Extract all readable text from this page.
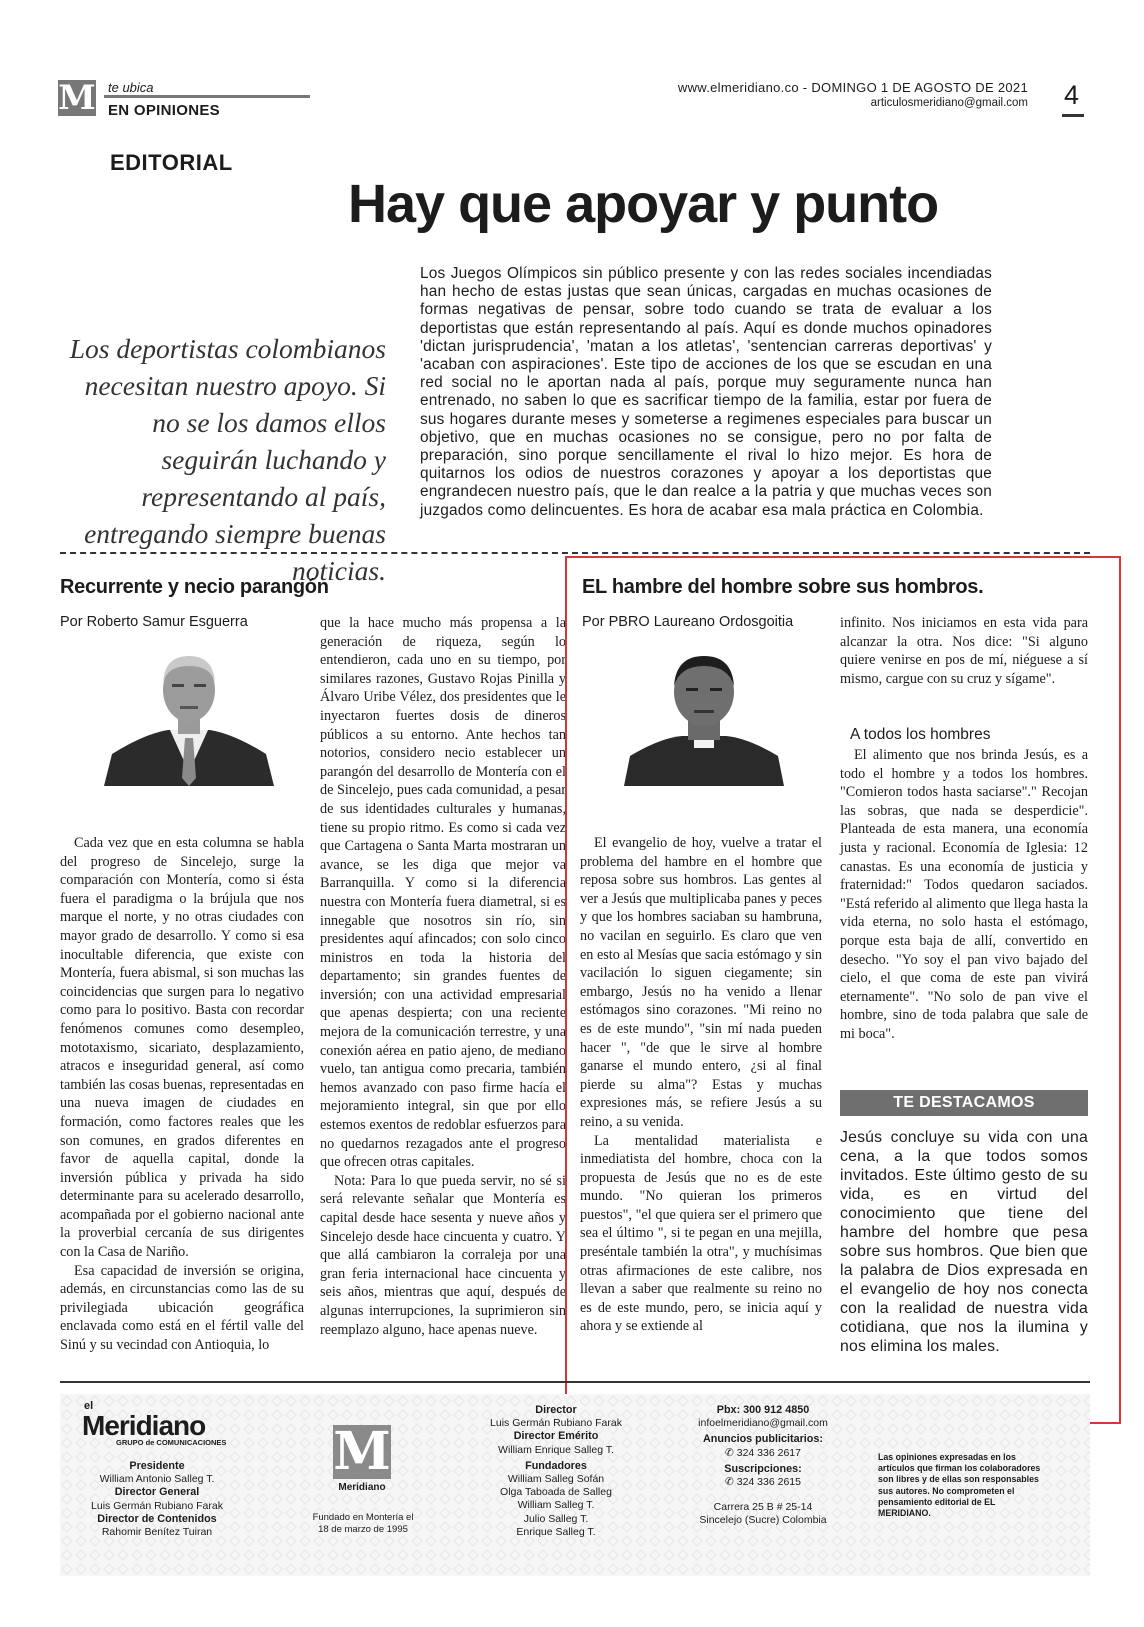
M te ubica
EN OPINIONES
www.elmeridiano.co - DOMINGO 1 DE AGOSTO DE 2021
articulosmeridiano@gmail.com 4
EDITORIAL
Hay que apoyar y punto
Los deportistas colombianos necesitan nuestro apoyo. Si no se los damos ellos seguirán luchando y representando al país, entregando siempre buenas noticias.
Los Juegos Olímpicos sin público presente y con las redes sociales incendiadas han hecho de estas justas que sean únicas, cargadas en muchas ocasiones de formas negativas de pensar, sobre todo cuando se trata de evaluar a los deportistas que están representando al país. Aquí es donde muchos opinadores 'dictan jurisprudencia', 'matan a los atletas', 'sentencian carreras deportivas' y 'acaban con aspiraciones'. Este tipo de acciones de los que se escudan en una red social no le aportan nada al país, porque muy seguramente nunca han entrenado, no saben lo que es sacrificar tiempo de la familia, estar por fuera de sus hogares durante meses y someterse a regimenes especiales para buscar un objetivo, que en muchas ocasiones no se consigue, pero no por falta de preparación, sino porque sencillamente el rival lo hizo mejor. Es hora de quitarnos los odios de nuestros corazones y apoyar a los deportistas que engrandecen nuestro país, que le dan realce a la patria y que muchas veces son juzgados como delincuentes. Es hora de acabar esa mala práctica en Colombia.
Recurrente y necio parangón
Por Roberto Samur Esguerra

Cada vez que en esta columna se habla del progreso de Sincelejo, surge la comparación con Montería, como si ésta fuera el paradigma o la brújula que nos marque el norte, y no otras ciudades con mayor grado de desarrollo. Y como si esa inocultable diferencia, que existe con Montería, fuera abismal, si son muchas las coincidencias que surgen para lo negativo como para lo positivo. Basta con recordar fenómenos comunes como desempleo, mototaxismo, sicariato, desplazamiento, atracos e inseguridad general, así como también las cosas buenas, representadas en una nueva imagen de ciudades en formación, como factores reales que les son comunes, en grados diferentes en favor de aquella capital, donde la inversión pública y privada ha sido determinante para su acelerado desarrollo, acompañada por el gobierno nacional ante la proverbial cercanía de sus dirigentes con la Casa de Nariño.

Esa capacidad de inversión se origina, además, en circunstancias como las de su privilegiada ubicación geográfica enclavada como está en el fértil valle del Sinú y su vecindad con Antioquia, lo

que la hace mucho más propensa a la generación de riqueza, según lo entendieron, cada uno en su tiempo, por similares razones, Gustavo Rojas Pinilla y Álvaro Uribe Vélez, dos presidentes que le inyectaron fuertes dosis de dineros públicos a su entorno. Ante hechos tan notorios, considero necio establecer un parangón del desarrollo de Montería con el de Sincelejo, pues cada comunidad, a pesar de sus identidades culturales y humanas, tiene su propio ritmo. Es como si cada vez que Cartagena o Santa Marta mostraran un avance, se les diga que mejor va Barranquilla. Y como si la diferencia nuestra con Montería fuera diametral, si es innegable que nosotros sin río, sin presidentes aquí afincados; con solo cinco ministros en toda la historia del departamento; sin grandes fuentes de inversión; con una actividad empresarial que apenas despierta; con una reciente mejora de la comunicación terrestre, y una conexión aérea en patio ajeno, de mediano vuelo, tan antigua como precaria, también hemos avanzado con paso firme hacía el mejoramiento integral, sin que por ello estemos exentos de redoblar esfuerzos para no quedarnos rezagados ante el progreso que ofrecen otras capitales.

Nota: Para lo que pueda servir, no sé si será relevante señalar que Montería es capital desde hace sesenta y nueve años y Sincelejo desde hace cincuenta y cuatro. Y que allá cambiaron la corraleja por una gran feria internacional hace cincuenta y seis años, mientras que aquí, después de algunas interrupciones, la suprimieron sin reemplazo alguno, hace apenas nueve.

EL hambre del hombre sobre sus hombros.
Por PBRO Laureano Ordosgoitia

El evangelio de hoy, vuelve a tratar el problema del hambre en el hombre que reposa sobre sus hombros. Las gentes al ver a Jesús que multiplicaba panes y peces y que los hombres saciaban su hambruna, no vacilan en seguirlo. Es claro que ven en esto al Mesías que sacia estómago y sin vacilación lo siguen ciegamente; sin embargo, Jesús no ha venido a llenar estómagos sino corazones. "Mi reino no es de este mundo", "sin mí nada pueden hacer ", "de que le sirve al hombre ganarse el mundo entero, ¿si al final pierde su alma"? Estas y muchas expresiones más, se refiere Jesús a su reino, a su venida.

La mentalidad materialista e inmediatista del hombre, choca con la propuesta de Jesús que no es de este mundo. "No quieran los primeros puestos", "el que quiera ser el primero que sea el último ", si te pegan en una mejilla, preséntale también la otra", y muchísimas otras afirmaciones de este calibre, nos llevan a saber que realmente su reino no es de este mundo, pero, se inicia aquí y ahora y se extiende al

infinito. Nos iniciamos en esta vida para alcanzar la otra. Nos dice: "Si alguno quiere venirse en pos de mí, niéguese a sí mismo, cargue con su cruz y sígame".

A todos los hombres

El alimento que nos brinda Jesús, es a todo el hombre y a todos los hombres. "Comieron todos hasta saciarse"." Recojan las sobras, que nada se desperdicie". Planteada de esta manera, una economía justa y racional. Economía de Iglesia: 12 canastas. Es una economía de justicia y fraternidad:" Todos quedaron saciados. "Está referido al alimento que llega hasta la vida eterna, no solo hasta el estómago, porque esta baja de allí, convertido en desecho. "Yo soy el pan vivo bajado del cielo, el que coma de este pan vivirá eternamente". "No solo de pan vive el hombre, sino de toda palabra que sale de mi boca".

TE DESTACAMOS
Jesús concluye su vida con una cena, a la que todos somos invitados. Este último gesto de su vida, es en virtud del conocimiento que tiene del hambre del hombre que pesa sobre sus hombros. Que bien que la palabra de Dios expresada en el evangelio de hoy nos conecta con la realidad de nuestra vida cotidiana, que nos la ilumina y nos elimina los males.
el
Meridiano
GRUPO de COMUNICACIONES
Presidente
William Antonio Salleg T.
Director General
Luis Germán Rubiano Farak
Director de Contenidos
Rahomir Benítez Tuiran
M
Meridiano
Fundado en Montería el 18 de marzo de 1995
Director
Luis Germán Rubiano Farak
Director Emérito
William Enrique Salleg T.
Fundadores
William Salleg Sofán
Olga Taboada de Salleg
William Salleg T.
Julio Salleg T.
Enrique Salleg T.
Pbx: 300 912 4850
infoelmeridiano@gmail.com
Anuncios publicitarios:
✆ 324 336 2617
Suscripciones:
✆ 324 336 2615
Carrera 25 B # 25-14
Sincelejo (Sucre) Colombia
Las opiniones expresadas en los artículos que firman los colaboradores son libres y de ellas son responsables sus autores. No comprometen el pensamiento editorial de EL MERIDIANO.
